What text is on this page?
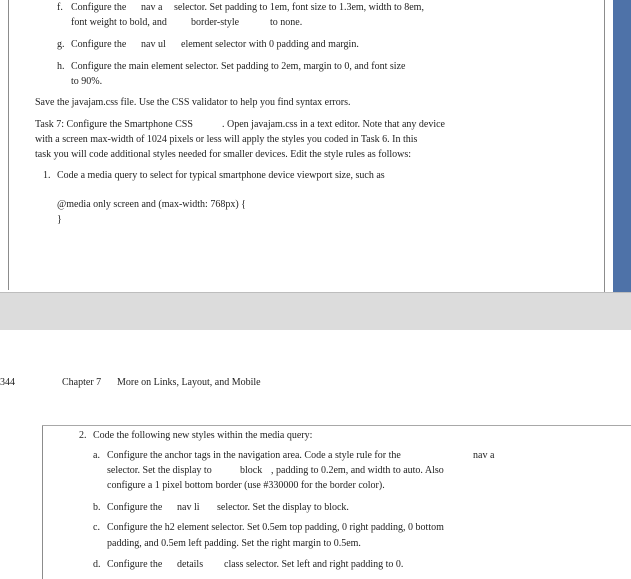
f. Configure the nav a selector. Set padding to 1em, font size to 1.3em, width to 8em,
font weight to bold, and border-style	to none.
g. Configure the nav ul element selector with 0 padding and margin.
h. Configure the main element selector. Set padding to 2em, margin to 0, and font size
to 90%.
Save the javajam.css file. Use the CSS validator to help you find syntax errors.
Task 7: Configure the Smartphone CSS	. Open javajam.css in a text editor. Note that any device
with a screen max-width of 1024 pixels or less will apply the styles you coded in Task 6. In this
task you will code additional styles needed for smaller devices. Edit the style rules as follows:
1. Code a media query to select for typical smartphone device viewport size, such as
@media only screen and (max-width: 768px) {
}
344	Chapter 7 More on Links, Layout, and Mobile
2. Code the following new styles within the media query:
a. Configure the anchor tags in the navigation area. Code a style rule for the	nav a
selector. Set the display to	block , padding to 0.2em, and width to auto. Also
configure a 1 pixel bottom border (use #330000 for the border color).
b. Configure the nav li selector. Set the display to block.
c. Configure the h2 element selector. Set 0.5em top padding, 0 right padding, 0 bottom
padding, and 0.5em left padding. Set the right margin to 0.5em.
d. Configure the details class selector. Set left and right padding to 0.
